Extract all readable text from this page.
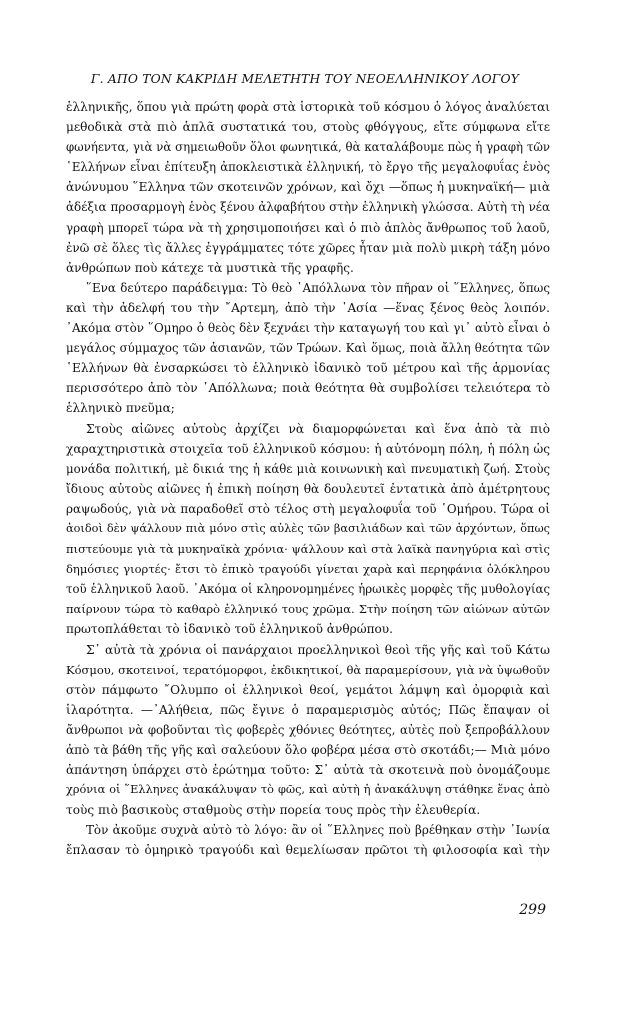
Γ. ΑΠΟ ΤΟΝ ΚΑΚΡΙΔΗ ΜΕΛΕΤΗΤΗ ΤΟΥ ΝΕΟΕΛΛΗΝΙΚΟΥ ΛΟΓΟΥ
ἑλληνικῆς, ὅπου γιὰ πρώτη φορὰ στὰ ἱστορικὰ τοῦ κόσμου ὁ λόγος ἀναλύεται
μεθοδικὰ στὰ πιὸ ἁπλᾶ συστατικά του, στοὺς φθόγγους, εἴτε σύμφωνα εἴτε
φωνήεντα, γιὰ νὰ σημειωθοῦν ὅλοι φωνητικά, θὰ καταλάβουμε πὼς ἡ γραφὴ τῶν
῾Ελλήνων εἶναι ἐπίτευξη ἀποκλειστικὰ ἑλληνική, τὸ ἔργο τῆς μεγαλοφυΐας ἑνὸς
ἀνώνυμου ῞Ελληνα τῶν σκοτεινῶν χρόνων, καὶ ὄχι —ὅπως ἡ μυκηναϊκή— μιὰ
ἀδέξια προσαρμογὴ ἑνὸς ξένου ἀλφαβήτου στὴν ἑλληνικὴ γλώσσα. Αὐτὴ τὴ νέα
γραφὴ μπορεῖ τώρα νὰ τὴ χρησιμοποιήσει καὶ ὁ πιὸ ἁπλὸς ἄνθρωπος τοῦ λαοῦ,
ἐνῶ σὲ ὅλες τὶς ἄλλες ἐγγράμματες τότε χῶρες ἦταν μιὰ πολὺ μικρὴ τάξη μόνο
ἀνθρώπων ποὺ κάτεχε τὰ μυστικὰ τῆς γραφῆς.
῞Ενα δεύτερο παράδειγμα: Τὸ θεὸ ᾿Απόλλωνα τὸν πῆραν οἱ ῞Ελληνες, ὅπως
καὶ τὴν ἀδελφή του τὴν ῎Αρτεμη, ἀπὸ τὴν ᾿Ασία —ἕνας ξένος θεὸς λοιπόν.
᾿Ακόμα στὸν ῞Ομηρο ὁ θεὸς δὲν ξεχνάει τὴν καταγωγή του καὶ γι᾿ αὐτὸ εἶναι ὁ
μεγάλος σύμμαχος τῶν ἀσιανῶν, τῶν Τρώων. Καὶ ὅμως, ποιὰ ἄλλη θεότητα τῶν
῾Ελλήνων θὰ ἐνσαρκώσει τὸ ἑλληνικὸ ἰδανικὸ τοῦ μέτρου καὶ τῆς ἁρμονίας
περισσότερο ἀπὸ τὸν ᾿Απόλλωνα; ποιὰ θεότητα θὰ συμβολίσει τελειότερα τὸ
ἑλληνικὸ πνεῦμα;
Στοὺς αἰῶνες αὐτοὺς ἀρχίζει νὰ διαμορφώνεται καὶ ἕνα ἀπὸ τὰ πιὸ
χαραχτηριστικὰ στοιχεῖα τοῦ ἑλληνικοῦ κόσμου: ἡ αὐτόνομη πόλη, ἡ πόλη ὡς
μονάδα πολιτική, μὲ δικιά της ἡ κάθε μιὰ κοινωνικὴ καὶ πνευματικὴ ζωή. Στοὺς
ἴδιους αὐτοὺς αἰῶνες ἡ ἐπικὴ ποίηση θὰ δουλευτεῖ ἐντατικὰ ἀπὸ ἀμέτρητους
ραψωδούς, γιὰ νὰ παραδοθεῖ στὸ τέλος στὴ μεγαλοφυΐα τοῦ ῾Ομήρου. Τώρα οἱ
ἀοιδοὶ δὲν ψάλλουν πιὰ μόνο στὶς αὐλὲς τῶν βασιλιάδων καὶ τῶν ἀρχόντων, ὅπως
πιστεύουμε γιὰ τὰ μυκηναϊκὰ χρόνια· ψάλλουν καὶ στὰ λαϊκὰ πανηγύρια καὶ στὶς
δημόσιες γιορτές· ἔτσι τὸ ἐπικὸ τραγούδι γίνεται χαρὰ καὶ περηφάνια ὁλόκληρου
τοῦ ἑλληνικοῦ λαοῦ. ᾿Ακόμα οἱ κληρονομημένες ἡρωικὲς μορφὲς τῆς μυθολογίας
παίρνουν τώρα τὸ καθαρὸ ἑλληνικό τους χρῶμα. Στὴν ποίηση τῶν αἰώνων αὐτῶν
πρωτοπλάθεται τὸ ἰδανικὸ τοῦ ἑλληνικοῦ ἀνθρώπου.
Σ᾿ αὐτὰ τὰ χρόνια οἱ πανάρχαιοι προελληνικοὶ θεοὶ τῆς γῆς καὶ τοῦ Κάτω
Κόσμου, σκοτεινοί, τερατόμορφοι, ἐκδικητικοί, θὰ παραμερίσουν, γιὰ νὰ ὑψωθοῦν
στὸν πάμφωτο ῎Ολυμπο οἱ ἑλληνικοὶ θεοί, γεμάτοι λάμψη καὶ ὀμορφιὰ καὶ
ἱλαρότητα. —᾿Αλήθεια, πῶς ἔγινε ὁ παραμερισμὸς αὐτός; Πῶς ἔπαψαν οἱ
ἄνθρωποι νὰ φοβοῦνται τὶς φοβερὲς χθόνιες θεότητες, αὐτὲς ποὺ ξεπροβάλλουν
ἀπὸ τὰ βάθη τῆς γῆς καὶ σαλεύουν ὅλο φοβέρα μέσα στὸ σκοτάδι;— Μιὰ μόνο
ἀπάντηση ὑπάρχει στὸ ἐρώτημα τοῦτο: Σ᾿ αὐτὰ τὰ σκοτεινὰ ποὺ ὀνομάζουμε
χρόνια οἱ ῞Ελληνες ἀνακάλυψαν τὸ φῶς, καὶ αὐτὴ ἡ ἀνακάλυψη στάθηκε ἕνας ἀπὸ
τοὺς πιὸ βασικοὺς σταθμοὺς στὴν πορεία τους πρὸς τὴν ἐλευθερία.
Τὸν ἀκοῦμε συχνὰ αὐτὸ τὸ λόγο: ἂν οἱ ῞Ελληνες ποὺ βρέθηκαν στὴν ᾿Ιωνία
ἔπλασαν τὸ ὁμηρικὸ τραγούδι καὶ θεμελίωσαν πρῶτοι τὴ φιλοσοφία καὶ τὴν
299
